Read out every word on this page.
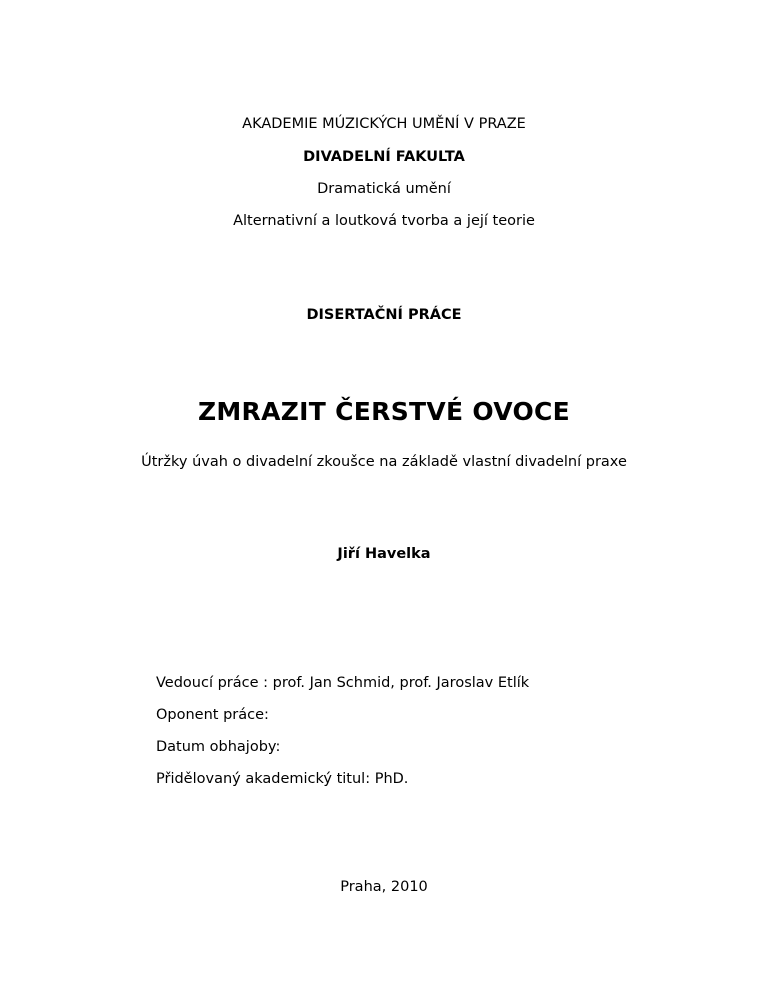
AKADEMIE MÚZICKÝCH UMĚNÍ V PRAZE
DIVADELNÍ FAKULTA
Dramatická umění
Alternativní a loutková tvorba a její teorie
DISERTAČNÍ PRÁCE
ZMRAZIT ČERSTVÉ OVOCE
Útržky úvah o divadelní zkoušce na základě vlastní divadelní praxe
Jiří Havelka
Vedoucí práce : prof. Jan Schmid, prof. Jaroslav Etlík
Oponent práce:
Datum obhajoby:
Přidělovaný akademický titul: PhD.
Praha, 2010
